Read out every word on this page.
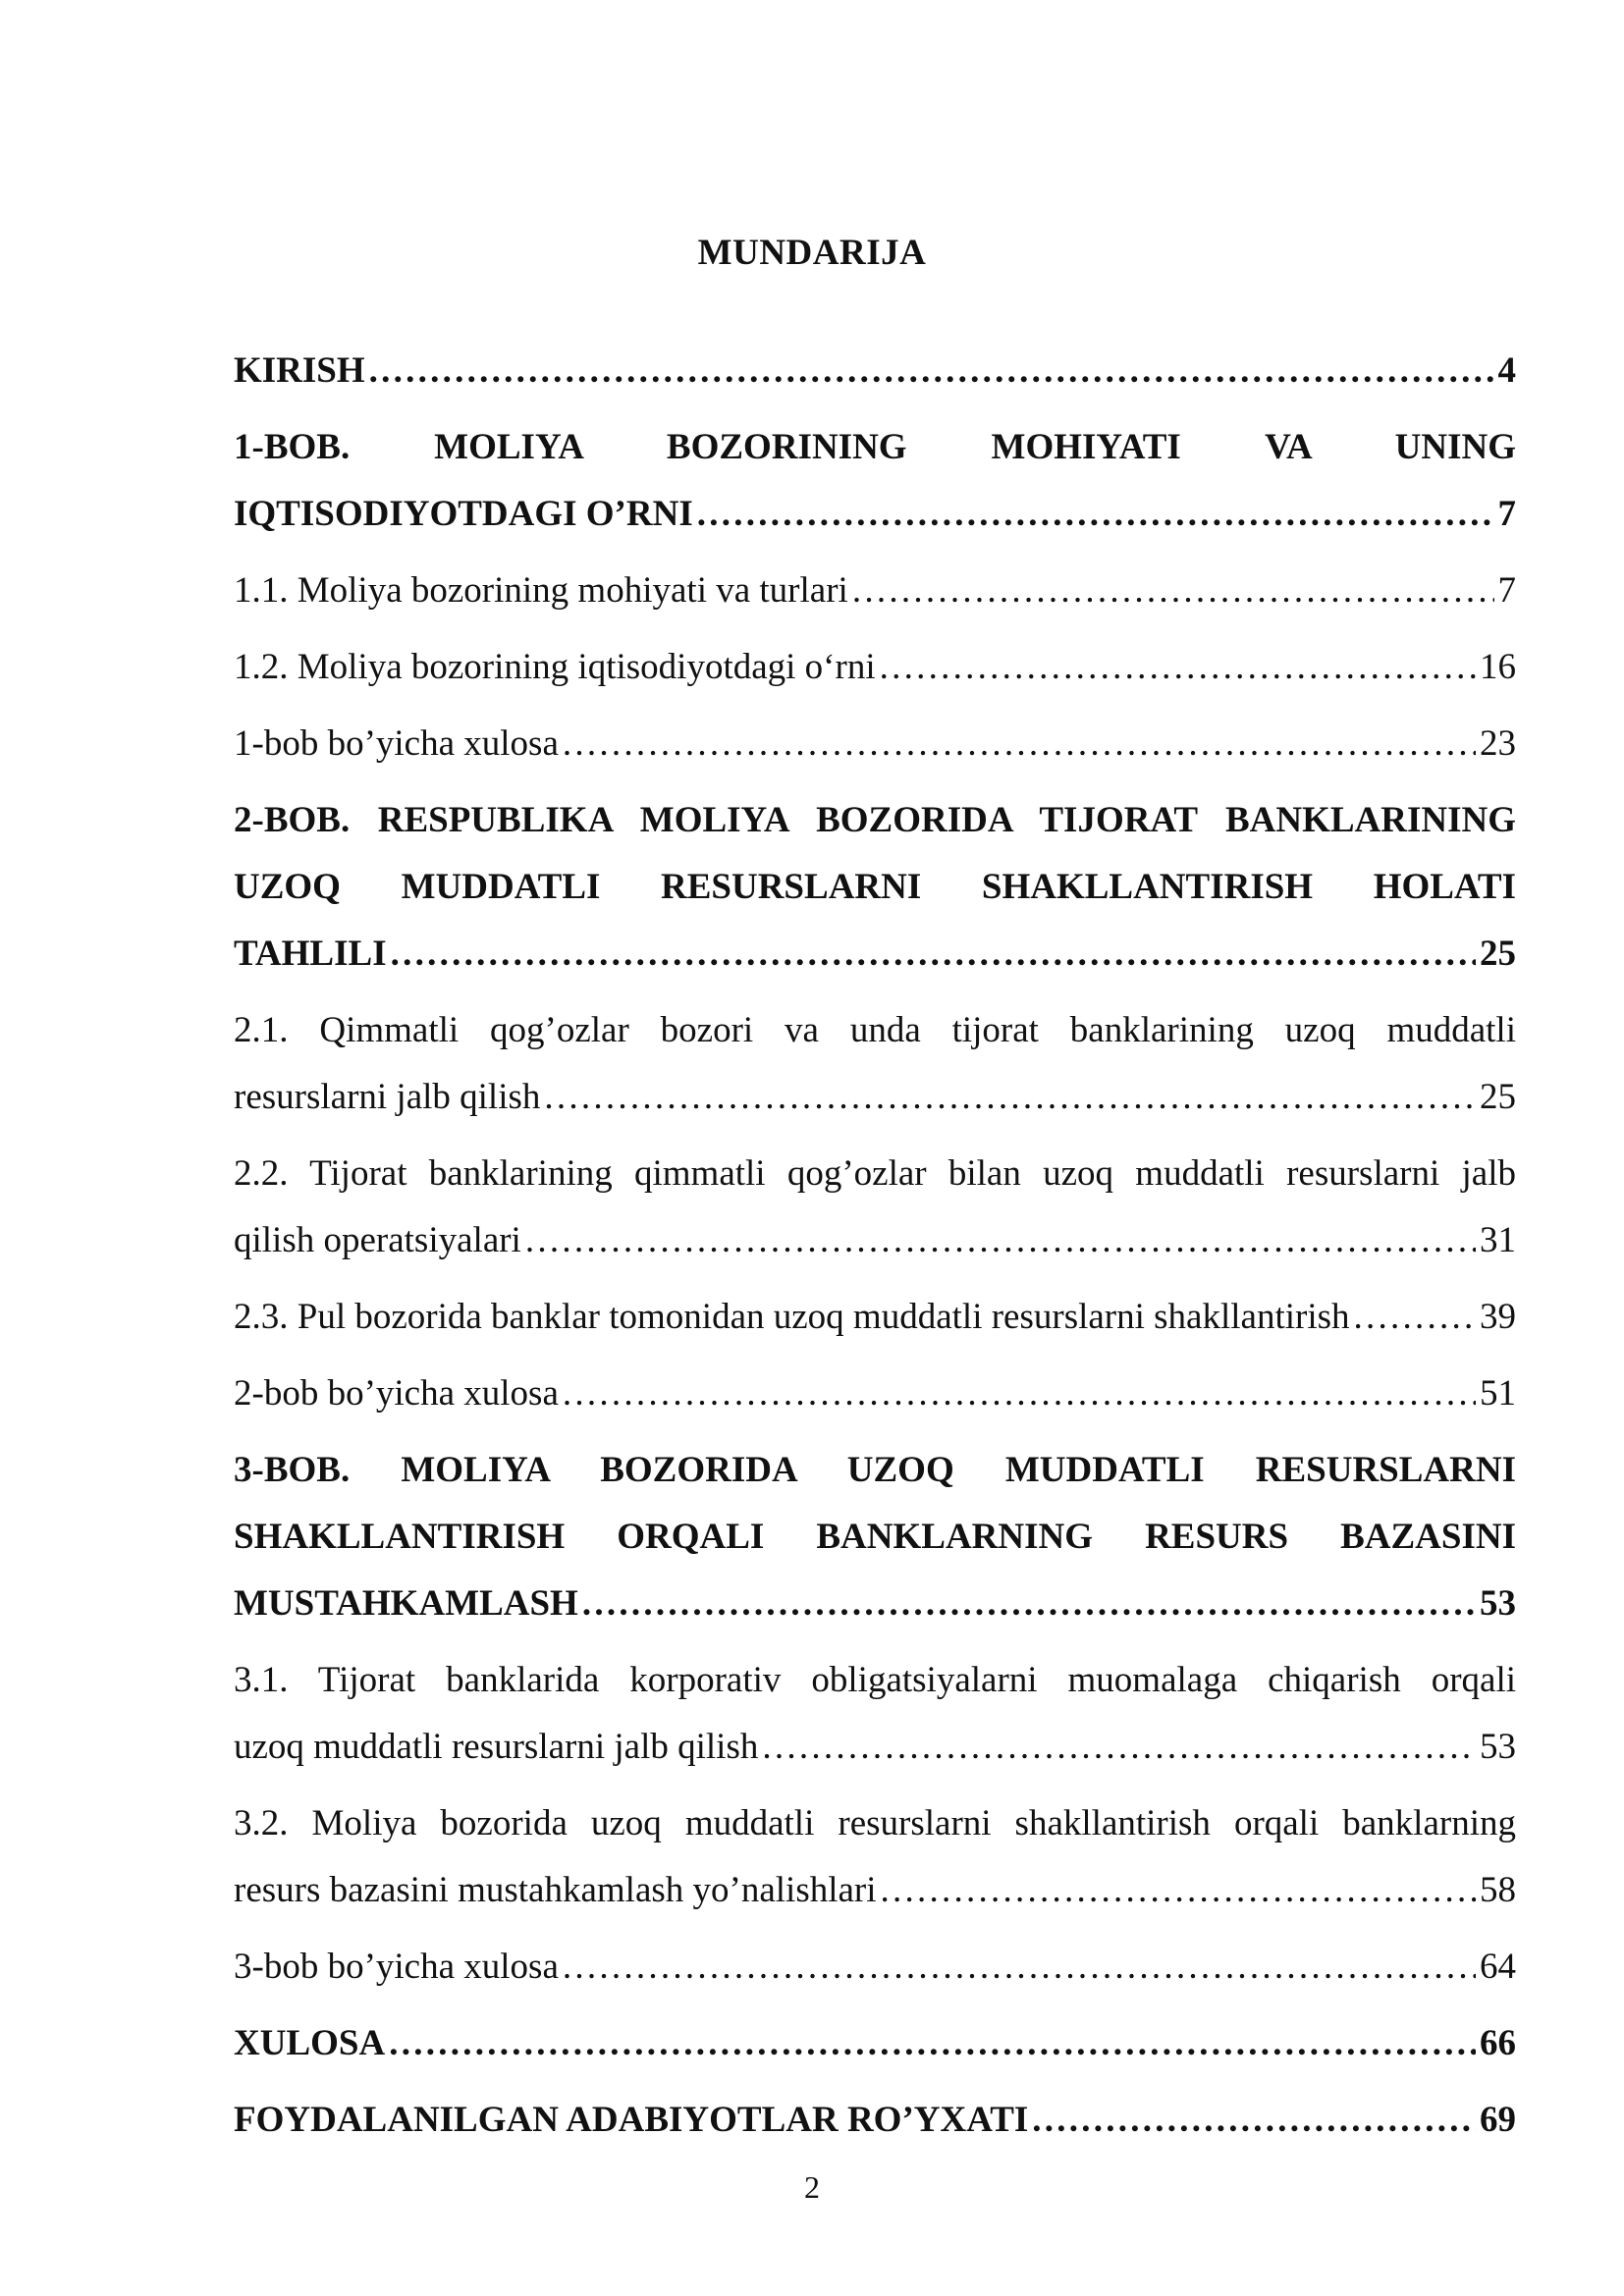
MUNDARIJA
KIRISH . . .	4
1-BOB. MOLIYA BOZORINING MOHIYATI VA UNING
IQTISODIYOTDAGI O’RNI . . .	7
1.1. Moliya bozorining mohiyati va turlari . . .	7
1.2. Moliya bozorining iqtisodiyotdagi o‘rni . . .	16
1-bob bo’yicha xulosa . . .	23
2-BOB. RESPUBLIKA MOLIYA BOZORIDA TIJORAT BANKLARINING
UZOQ MUDDATLI RESURSLARNI SHAKLLANTIRISH HOLATI
TAHLILI . . .	25
2.1. Qimmatli qog’ozlar bozori va unda tijorat banklarining uzoq muddatli
resurslarni jalb qilish . . .	25
2.2. Tijorat banklarining qimmatli qog’ozlar bilan uzoq muddatli resurslarni jalb
qilish operatsiyalari . . .	31
2.3. Pul bozorida banklar tomonidan uzoq muddatli resurslarni shakllantirish . . .	39
2-bob bo’yicha xulosa . . .	51
3-BOB. MOLIYA BOZORIDA UZOQ MUDDATLI RESURSLARNI
SHAKLLANTIRISH ORQALI BANKLARNING RESURS BAZASINI
MUSTAHKAMLASH . . .	53
3.1. Tijorat banklarida korporativ obligatsiyalarni muomalaga chiqarish orqali
uzoq muddatli resurslarni jalb qilish . . .	53
3.2. Moliya bozorida uzoq muddatli resurslarni shakllantirish orqali banklarning
resurs bazasini mustahkamlash yo’nalishlari . . .	58
3-bob bo’yicha xulosa . . .	64
XULOSA . . .	66
FOYDALANILGAN ADABIYOTLAR RO’YXATI . . .	69
2
